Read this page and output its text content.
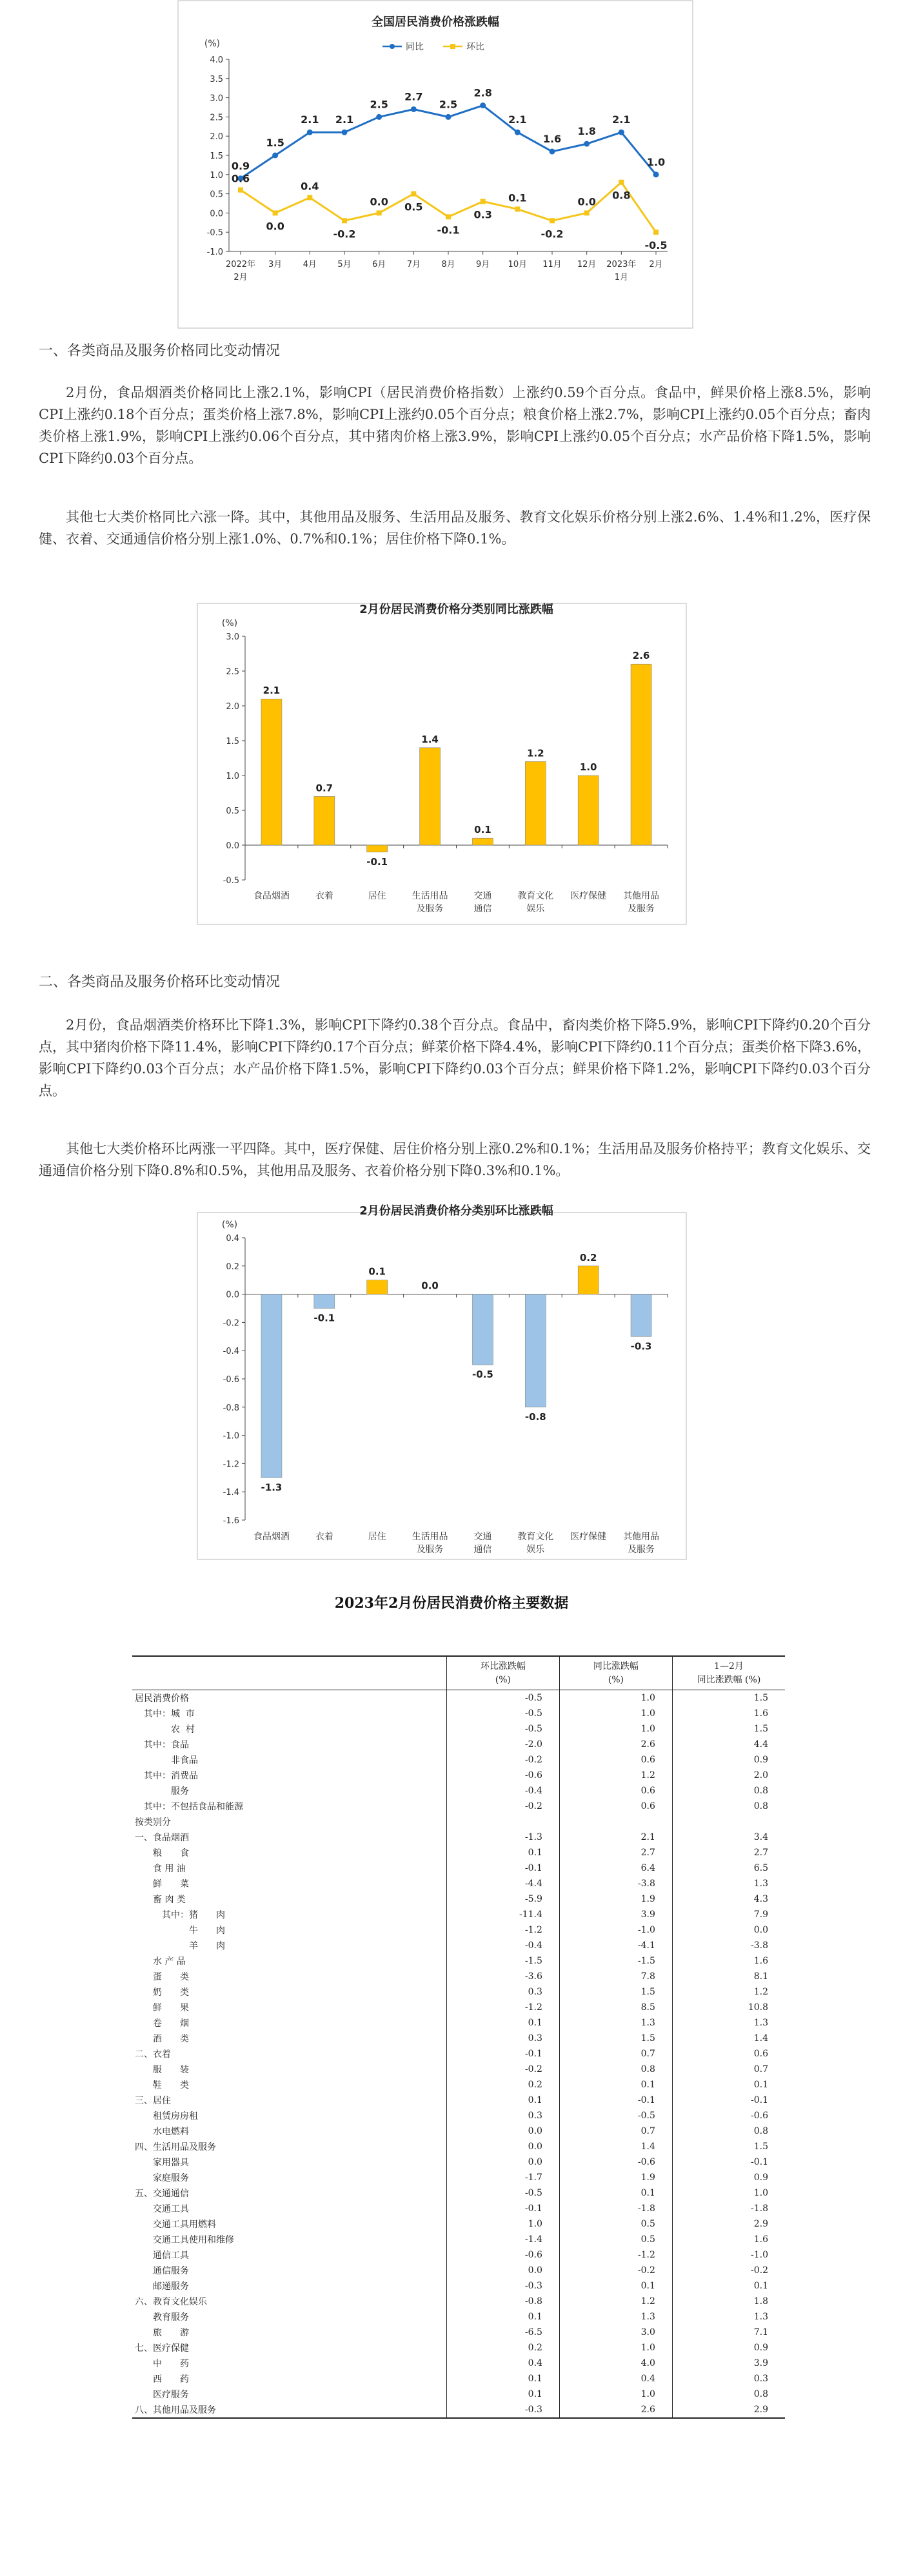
全国居民消费价格涨跌幅
(%)	同比	环比
4.0
3.5
3.0
2.5
2.0
1.5
1.0
0.5
0.0
-0.5
-1.0
2022年
2月
3月 4月 5月 6月 7月 8月 9月 10月 11月 12月 2023年
1月
2月
0.9
1.5
2.1 2.1
2.5
2.7
2.5
2.8
2.1
1.6
1.8
2.1
1.0
0.6
0.0
0.4
-0.2
0.0 0.5
-0.1
0.3
0.1
-0.2
0.0
0.8
-0.5
一、各类商品及服务价格同比变动情况

2月份，食品烟酒类价格同比上涨2.1%，影响CPI（居民消费价格指数）上涨约0.59个百分点。食品中，鲜果价格上涨8.5%，影响CPI上涨约0.18个百分点；蛋类价格上涨7.8%，影响CPI上涨约0.05个百分点；粮食价格上涨2.7%，影响CPI上涨约0.05个百分点；畜肉类价格上涨1.9%，影响CPI上涨约0.06个百分点，其中猪肉价格上涨3.9%，影响CPI上涨约0.05个百分点；水产品价格下降1.5%，影响CPI下降约0.03个百分点。

其他七大类价格同比六涨一降。其中，其他用品及服务、生活用品及服务、教育文化娱乐价格分别上涨2.6%、1.4%和1.2%，医疗保健、衣着、交通通信价格分别上涨1.0%、0.7%和0.1%；居住价格下降0.1%。

2月份居民消费价格分类别同比涨跌幅
(%)
3.0
2.5
2.0
1.5
1.0
0.5
0.0
-0.5
2.1
食品烟酒
0.7
衣着
-0.1
居住
1.4
生活用品
及服务
0.1
交通
通信
1.2
教育文化
娱乐
1.0
医疗保健
2.6
其他用品
及服务
二、各类商品及服务价格环比变动情况

2月份，食品烟酒类价格环比下降1.3%，影响CPI下降约0.38个百分点。食品中，畜肉类价格下降5.9%，影响CPI下降约0.20个百分点，其中猪肉价格下降11.4%，影响CPI下降约0.17个百分点；鲜菜价格下降4.4%，影响CPI下降约0.11个百分点；蛋类价格下降3.6%，影响CPI下降约0.03个百分点；水产品价格下降1.5%，影响CPI下降约0.03个百分点；鲜果价格下降1.2%，影响CPI下降约0.03个百分点。

其他七大类价格环比两涨一平四降。其中，医疗保健、居住价格分别上涨0.2%和0.1%；生活用品及服务价格持平；教育文化娱乐、交通通信价格分别下降0.8%和0.5%，其他用品及服务、衣着价格分别下降0.3%和0.1%。

2月份居民消费价格分类别环比涨跌幅
(%)
0.4
0.2
0.0
-0.2
-0.4
-0.6
-0.8
-1.0
-1.2
-1.4
-1.6
-1.3
食品烟酒
-0.1
衣着
0.1
居住
0.0
生活用品
及服务
-0.5
交通
通信
-0.8
教育文化
娱乐
0.2
医疗保健
-0.3
其他用品
及服务
2023年2月份居民消费价格主要数据
	环比涨跌幅
(%)	同比涨跌幅
(%)	1—2月
同比涨跌幅 (%)
居民消费价格	-0.5	1.0	1.5
　其中：城  市	-0.5	1.0	1.6
　　　　农  村	-0.5	1.0	1.5
　其中：食品	-2.0	2.6	4.4
　　　　非食品	-0.2	0.6	0.9
　其中：消费品	-0.6	1.2	2.0
　　　　服务	-0.4	0.6	0.8
　其中：不包括食品和能源	-0.2	0.6	0.8
按类别分			
一、食品烟酒	-1.3	2.1	3.4
　　粮　　食	0.1	2.7	2.7
　　食 用 油	-0.1	6.4	6.5
　　鲜　　菜	-4.4	-3.8	1.3
　　畜 肉 类	-5.9	1.9	4.3
　　　其中：猪　　肉	-11.4	3.9	7.9
　　　　　　牛　　肉	-1.2	-1.0	0.0
　　　　　　羊　　肉	-0.4	-4.1	-3.8
　　水 产 品	-1.5	-1.5	1.6
　　蛋　　类	-3.6	7.8	8.1
　　奶　　类	0.3	1.5	1.2
　　鲜　　果	-1.2	8.5	10.8
　　卷　　烟	0.1	1.3	1.3
　　酒　　类	0.3	1.5	1.4
二、衣着	-0.1	0.7	0.6
　　服　　装	-0.2	0.8	0.7
　　鞋　　类	0.2	0.1	0.1
三、居住	0.1	-0.1	-0.1
　　租赁房房租	0.3	-0.5	-0.6
　　水电燃料	0.0	0.7	0.8
四、生活用品及服务	0.0	1.4	1.5
　　家用器具	0.0	-0.6	-0.1
　　家庭服务	-1.7	1.9	0.9
五、交通通信	-0.5	0.1	1.0
　　交通工具	-0.1	-1.8	-1.8
　　交通工具用燃料	1.0	0.5	2.9
　　交通工具使用和维修	-1.4	0.5	1.6
　　通信工具	-0.6	-1.2	-1.0
　　通信服务	0.0	-0.2	-0.2
　　邮递服务	-0.3	0.1	0.1
六、教育文化娱乐	-0.8	1.2	1.8
　　教育服务	0.1	1.3	1.3
　　旅　　游	-6.5	3.0	7.1
七、医疗保健	0.2	1.0	0.9
　　中　　药	0.4	4.0	3.9
　　西　　药	0.1	0.4	0.3
　　医疗服务	0.1	1.0	0.8
八、其他用品及服务	-0.3	2.6	2.9
